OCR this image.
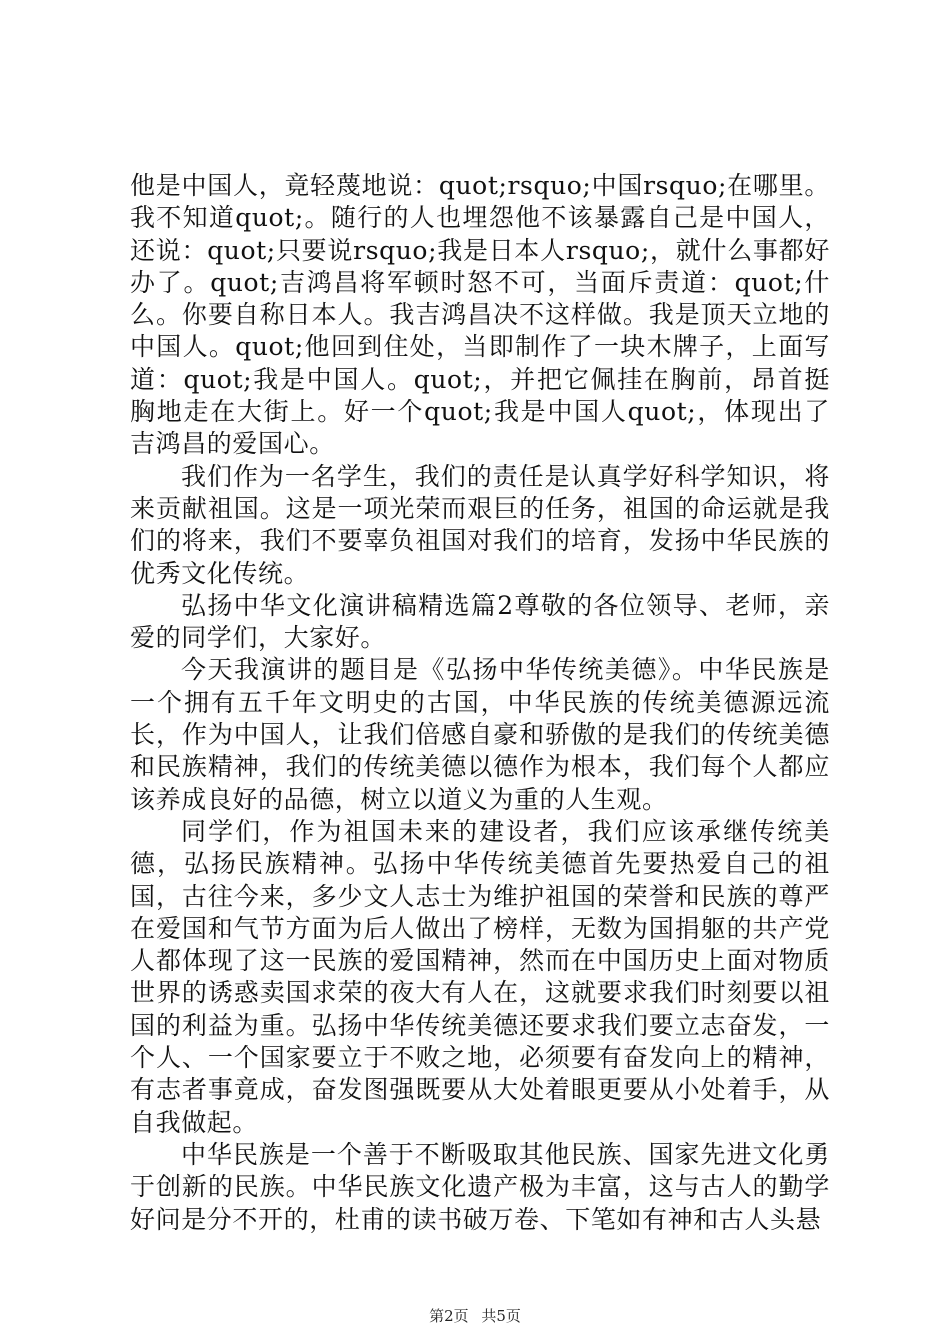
他是中国人，竟轻蔑地说：quot;rsquo;中国rsquo;在哪里。我不知道quot;。随行的人也埋怨他不该暴露自己是中国人，还说：quot;只要说rsquo;我是日本人rsquo;，就什么事都好办了。quot;吉鸿昌将军顿时怒不可，当面斥责道：quot;什么。你要自称日本人。我吉鸿昌决不这样做。我是顶天立地的中国人。quot;他回到住处，当即制作了一块木牌子，上面写道：quot;我是中国人。quot;，并把它佩挂在胸前，昂首挺胸地走在大街上。好一个quot;我是中国人quot;，体现出了吉鸿昌的爱国心。

我们作为一名学生，我们的责任是认真学好科学知识，将来贡献祖国。这是一项光荣而艰巨的任务，祖国的命运就是我们的将来，我们不要辜负祖国对我们的培育，发扬中华民族的优秀文化传统。

弘扬中华文化演讲稿精选篇2尊敬的各位领导、老师，亲爱的同学们，大家好。

今天我演讲的题目是《弘扬中华传统美德》。中华民族是一个拥有五千年文明史的古国，中华民族的传统美德源远流长，作为中国人，让我们倍感自豪和骄傲的是我们的传统美德和民族精神，我们的传统美德以德作为根本，我们每个人都应该养成良好的品德，树立以道义为重的人生观。

同学们，作为祖国未来的建设者，我们应该承继传统美德，弘扬民族精神。弘扬中华传统美德首先要热爱自己的祖国，古往今来，多少文人志士为维护祖国的荣誉和民族的尊严在爱国和气节方面为后人做出了榜样，无数为国捐躯的共产党人都体现了这一民族的爱国精神，然而在中国历史上面对物质世界的诱惑卖国求荣的夜大有人在，这就要求我们时刻要以祖国的利益为重。弘扬中华传统美德还要求我们要立志奋发，一个人、一个国家要立于不败之地，必须要有奋发向上的精神，有志者事竟成，奋发图强既要从大处着眼更要从小处着手，从自我做起。

中华民族是一个善于不断吸取其他民族、国家先进文化勇于创新的民族。中华民族文化遗产极为丰富，这与古人的勤学好问是分不开的，杜甫的读书破万卷、下笔如有神和古人头悬

第2页 共5页
